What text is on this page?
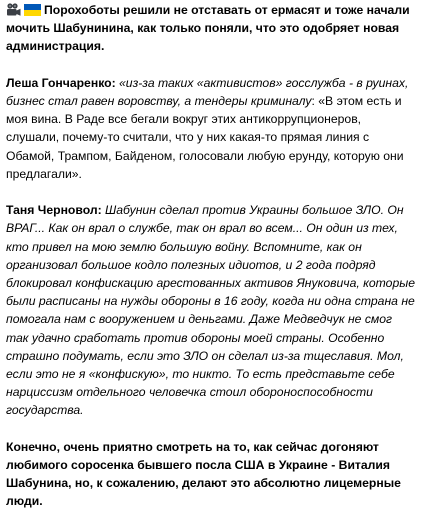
Порохоботы решили не отставать от ермасят и тоже начали мочить Шабунинина, как только поняли, что это одобряет новая администрация.

Леша Гончаренко: «из-за таких «активистов» госслужба - в руинах, бизнес стал равен воровству, а тендеры криминалу: «В этом есть и моя вина. В Раде все бегали вокруг этих антикоррупционеров, слушали, почему-то считали, что у них какая-то прямая линия с Обамой, Трампом, Байденом, голосовали любую ерунду, которую они предлагали».

Таня Черновол: Шабунин сделал против Украины большое ЗЛО. Он ВРАГ... Как он врал о службе, так он врал во всем... Он один из тех, кто привел на мою землю большую войну. Вспомните, как он организовал большое кодло полезных идиотов, и 2 года подряд блокировал конфискацию арестованных активов Януковича, которые были расписаны на нужды обороны в 16 году, когда ни одна страна не помогала нам с вооружением и деньгами. Даже Медведчук не смог так удачно сработать против обороны моей страны. Особенно страшно подумать, если это ЗЛО он сделал из-за тщеславия. Мол, если это не я «конфискую», то никто. То есть представьте себе нарциссизм отдельного человечка стоил обороноспособности государства.

Конечно, очень приятно смотреть на то, как сейчас догоняют любимого соросенка бывшего посла США в Украине - Виталия Шабунина, но, к сожалению, делают это абсолютно лицемерные люди.
